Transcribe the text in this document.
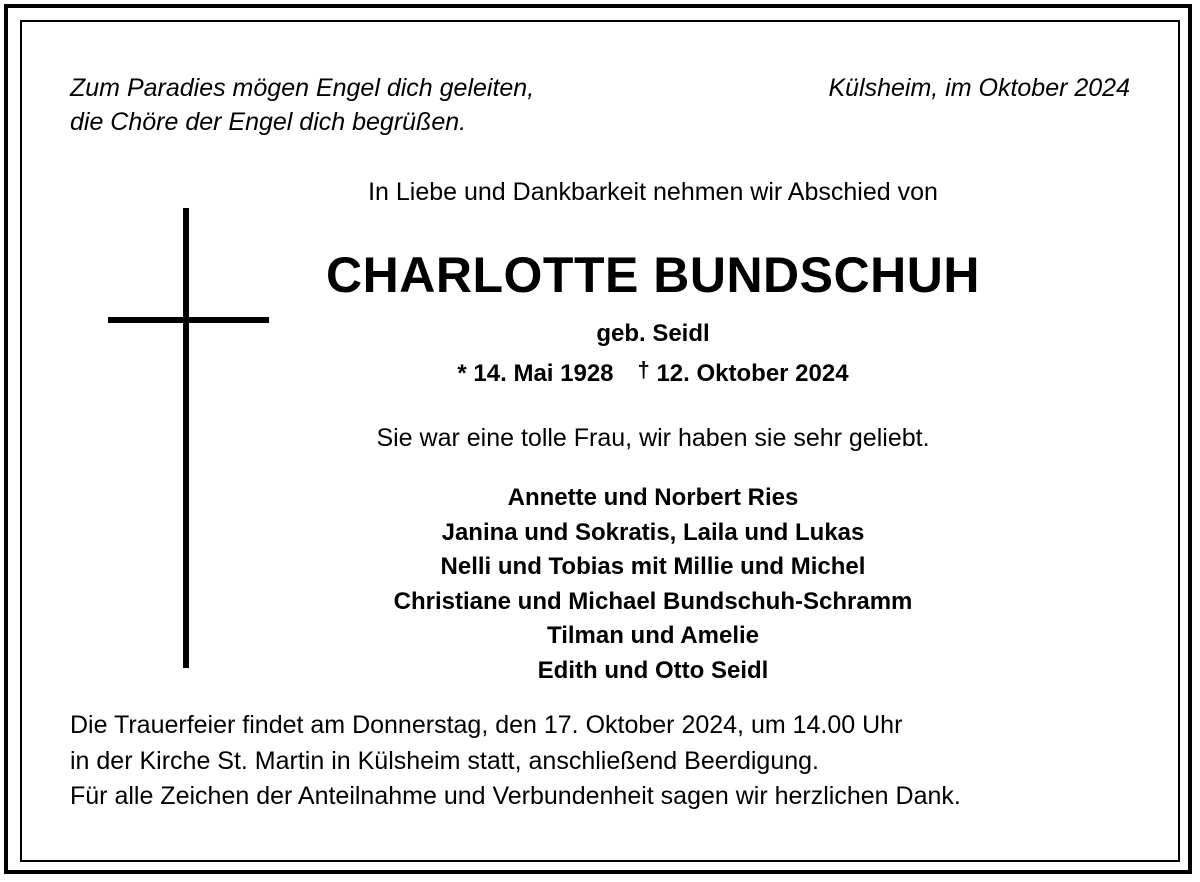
Zum Paradies mögen Engel dich geleiten,
die Chöre der Engel dich begrüßen.
Külsheim, im Oktober 2024
In Liebe und Dankbarkeit nehmen wir Abschied von
CHARLOTTE BUNDSCHUH
geb. Seidl
* 14. Mai 1928 † 12. Oktober 2024
Sie war eine tolle Frau, wir haben sie sehr geliebt.
Annette und Norbert Ries
Janina und Sokratis, Laila und Lukas
Nelli und Tobias mit Millie und Michel
Christiane und Michael Bundschuh-Schramm
Tilman und Amelie
Edith und Otto Seidl
Die Trauerfeier findet am Donnerstag, den 17. Oktober 2024, um 14.00 Uhr
in der Kirche St. Martin in Külsheim statt, anschließend Beerdigung.
Für alle Zeichen der Anteilnahme und Verbundenheit sagen wir herzlichen Dank.
